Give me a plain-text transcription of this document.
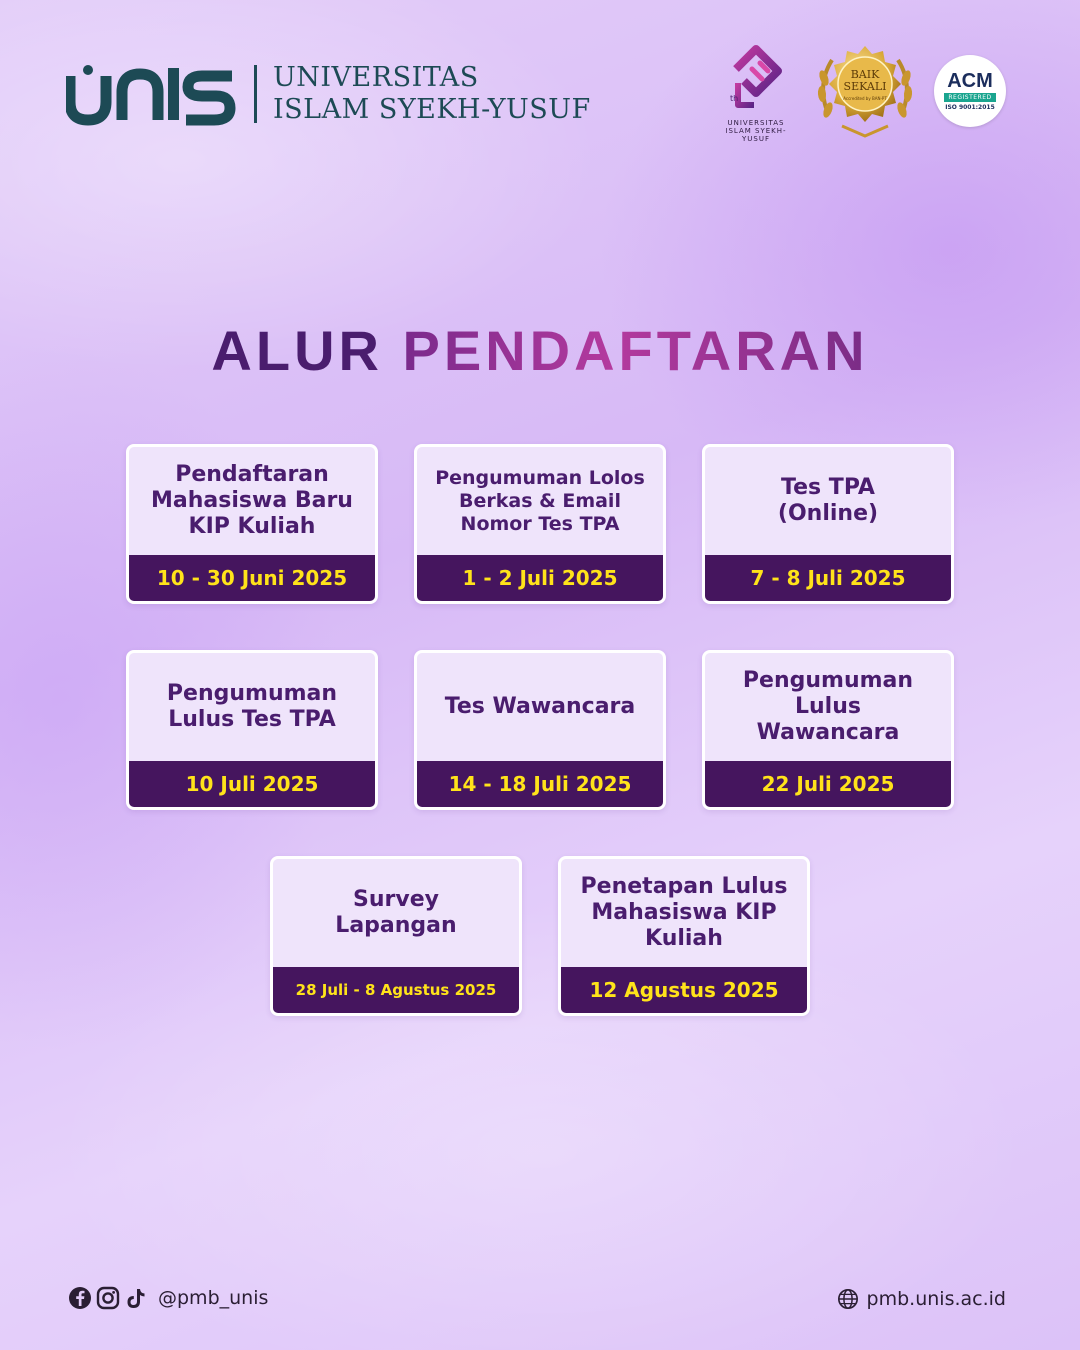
UNIVERSITAS
ISLAM SYEKH-YUSUF	th
UNIVERSITAS
ISLAM SYEKH-YUSUF
BAIK
SEKALI
Accredited by BAN-PT
ACM
REGISTERED
ISO 9001:2015
ALUR PENDAFTARAN
Pendaftaran Mahasiswa Baru KIP Kuliah
10 - 30 Juni 2025
Pengumuman Lolos Berkas & Email Nomor Tes TPA
1 - 2 Juli 2025
Tes TPA (Online)
7 - 8 Juli 2025
Pengumuman Lulus Tes TPA
10 Juli 2025
Tes Wawancara
14 - 18 Juli 2025
Pengumuman Lulus Wawancara
22 Juli 2025
Survey Lapangan
28 Juli - 8 Agustus 2025
Penetapan Lulus Mahasiswa KIP Kuliah
12 Agustus 2025
@pmb_unis	pmb.unis.ac.id
